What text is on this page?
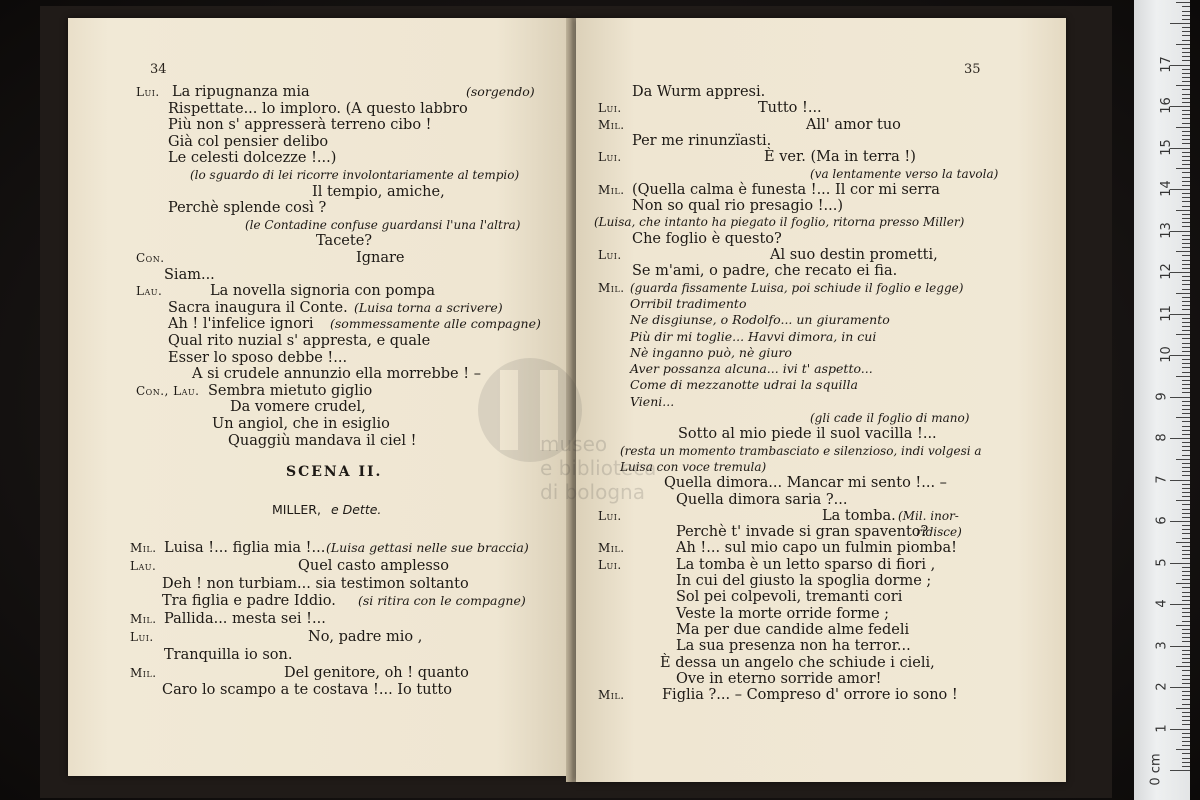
34	35
Lui. La ripugnanza mia	(sorgendo)
Rispettate... lo imploro. (A questo labbro
Più non s' appresserà terreno cibo !
Già col pensier delibo
Le celesti dolcezze !...)
(lo sguardo di lei ricorre involontariamente al tempio)
Il tempio, amiche,
Perchè splende così ?
(le Contadine confuse guardansi l'una l'altra)
Tacete?
Con.	Ignare
Siam...
Lau.	La novella signoria con pompa
Sacra inaugura il Conte. (Luisa torna a scrivere)
Ah ! l'infelice ignori (sommessamente alle compagne)
Qual rito nuzial s' appresta, e quale
Esser lo sposo debbe !...
A si crudele annunzio ella morrebbe ! –
Con., Lau. Sembra mietuto giglio
Da vomere crudel,
Un angiol, che in esiglio
Quaggiù mandava il ciel !
SCENA II.
MILLER, e Dette.
Mil. Luisa !... figlia mia !... (Luisa gettasi nelle sue braccia)
Lau.	Quel casto amplesso
Deh ! non turbiam... sia testimon soltanto
Tra figlia e padre Iddio. (si ritira con le compagne)
Mil. Pallida... mesta sei !...
Lui.	No, padre mio ,
Tranquilla io son.
Mil.	Del genitore, oh ! quanto
Caro lo scampo a te costava !... Io tutto
Da Wurm appresi.
Lui.	Tutto !...
Mil.	All' amor tuo
Per me rinunzïasti.
Lui.	È ver. (Ma in terra !)
(va lentamente verso la tavola)
Mil. (Quella calma è funesta !... Il cor mi serra
Non so qual rio presagio !...)
(Luisa, che intanto ha piegato il foglio, ritorna presso Miller)
Che foglio è questo?
Lui.	Al suo destin prometti,
Se m'ami, o padre, che recato ei fia.
Mil. (guarda fissamente Luisa, poi schiude il foglio e legge)
Orribil tradimento
Ne disgiunse, o Rodolfo... un giuramento
Più dir mi toglie... Havvi dimora, in cui
Nè inganno può, nè giuro
Aver possanza alcuna... ivi t' aspetto...
Come di mezzanotte udrai la squilla
Vieni...
(gli cade il foglio di mano)
Sotto al mio piede il suol vacilla !...
(resta un momento trambasciato e silenzioso, indi volgesi a
Luisa con voce tremula)
Quella dimora... Mancar mi sento !... –
Quella dimora saria ?...
Lui.	La tomba. (Mil. inor-
Perchè t' invade si gran spavento?
ridisce)
Mil.	Ah !... sul mio capo un fulmin piomba!
Lui.	La tomba è un letto sparso di fiori ,
In cui del giusto la spoglia dorme ;
Sol pei colpevoli, tremanti cori
Veste la morte orride forme ;
Ma per due candide alme fedeli
La sua presenza non ha terror...
È dessa un angelo che schiude i cieli,
Ove in eterno sorride amor!
Mil.	Figlia ?... – Compreso d' orrore io sono !
museo
e biblioteca
di bologna
0 cm
1
2
3
4
5
6
7
8
9
10
11
12
13
14
15
16
17
